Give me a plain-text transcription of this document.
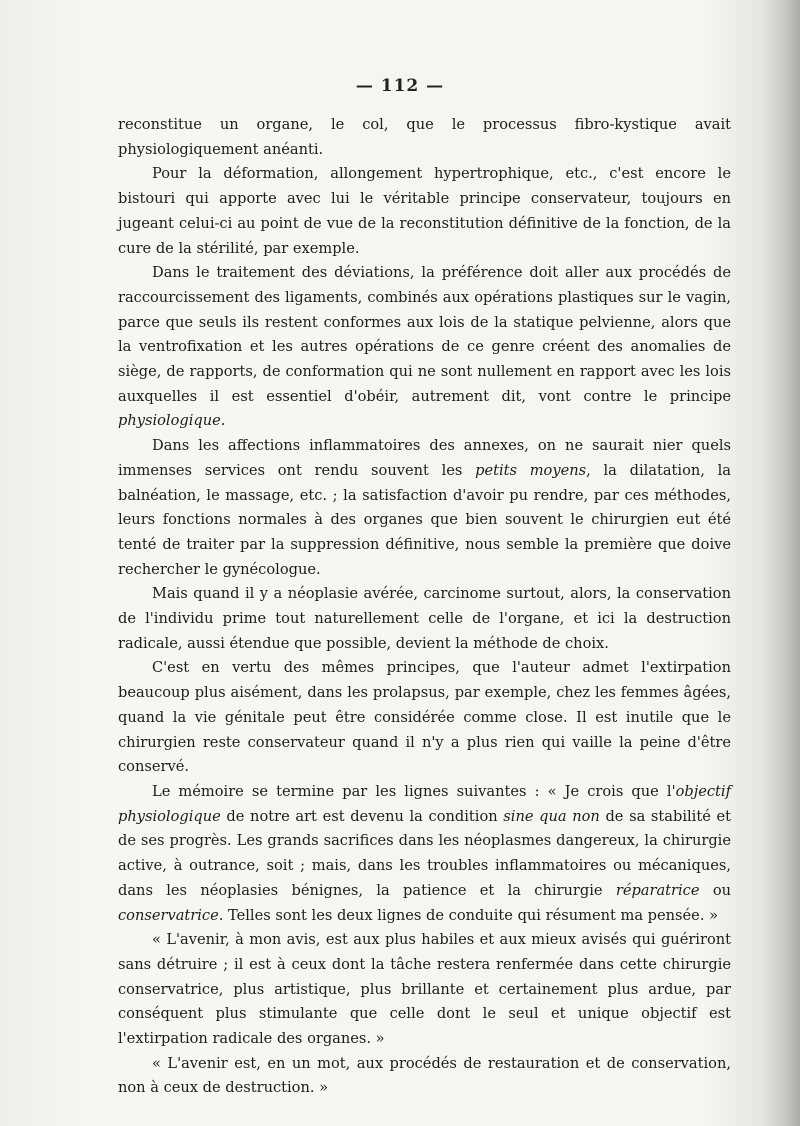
— 112 —

reconstitue un organe, le col, que le processus fibro-kystique avait physiologiquement anéanti.

Pour la déformation, allongement hypertrophique, etc., c'est encore le bistouri qui apporte avec lui le véritable principe conservateur, toujours en jugeant celui-ci au point de vue de la reconstitution définitive de la fonction, de la cure de la stérilité, par exemple.

Dans le traitement des déviations, la préférence doit aller aux procédés de raccourcissement des ligaments, combinés aux opérations plastiques sur le vagin, parce que seuls ils restent conformes aux lois de la statique pelvienne, alors que la ventrofixation et les autres opérations de ce genre créent des anomalies de siège, de rapports, de conformation qui ne sont nullement en rapport avec les lois auxquelles il est essentiel d'obéir, autrement dit, vont contre le principe physiologique.

Dans les affections inflammatoires des annexes, on ne saurait nier quels immenses services ont rendu souvent les petits moyens, la dilatation, la balnéation, le massage, etc. ; la satisfaction d'avoir pu rendre, par ces méthodes, leurs fonctions normales à des organes que bien souvent le chirurgien eut été tenté de traiter par la suppression définitive, nous semble la première que doive rechercher le gynécologue.

Mais quand il y a néoplasie avérée, carcinome surtout, alors, la conservation de l'individu prime tout naturellement celle de l'organe, et ici la destruction radicale, aussi étendue que possible, devient la méthode de choix.

C'est en vertu des mêmes principes, que l'auteur admet l'extirpation beaucoup plus aisément, dans les prolapsus, par exemple, chez les femmes âgées, quand la vie génitale peut être considérée comme close. Il est inutile que le chirurgien reste conservateur quand il n'y a plus rien qui vaille la peine d'être conservé.

Le mémoire se termine par les lignes suivantes : « Je crois que l'objectif physiologique de notre art est devenu la condition sine qua non de sa stabilité et de ses progrès. Les grands sacrifices dans les néoplasmes dangereux, la chirurgie active, à outrance, soit ; mais, dans les troubles inflammatoires ou mécaniques, dans les néoplasies bénignes, la patience et la chirurgie réparatrice ou conservatrice. Telles sont les deux lignes de conduite qui résument ma pensée. »

« L'avenir, à mon avis, est aux plus habiles et aux mieux avisés qui guériront sans détruire ; il est à ceux dont la tâche restera renfermée dans cette chirurgie conservatrice, plus artistique, plus brillante et certainement plus ardue, par conséquent plus stimulante que celle dont le seul et unique objectif est l'extirpation radicale des organes. »

« L'avenir est, en un mot, aux procédés de restauration et de conservation, non à ceux de destruction. »
